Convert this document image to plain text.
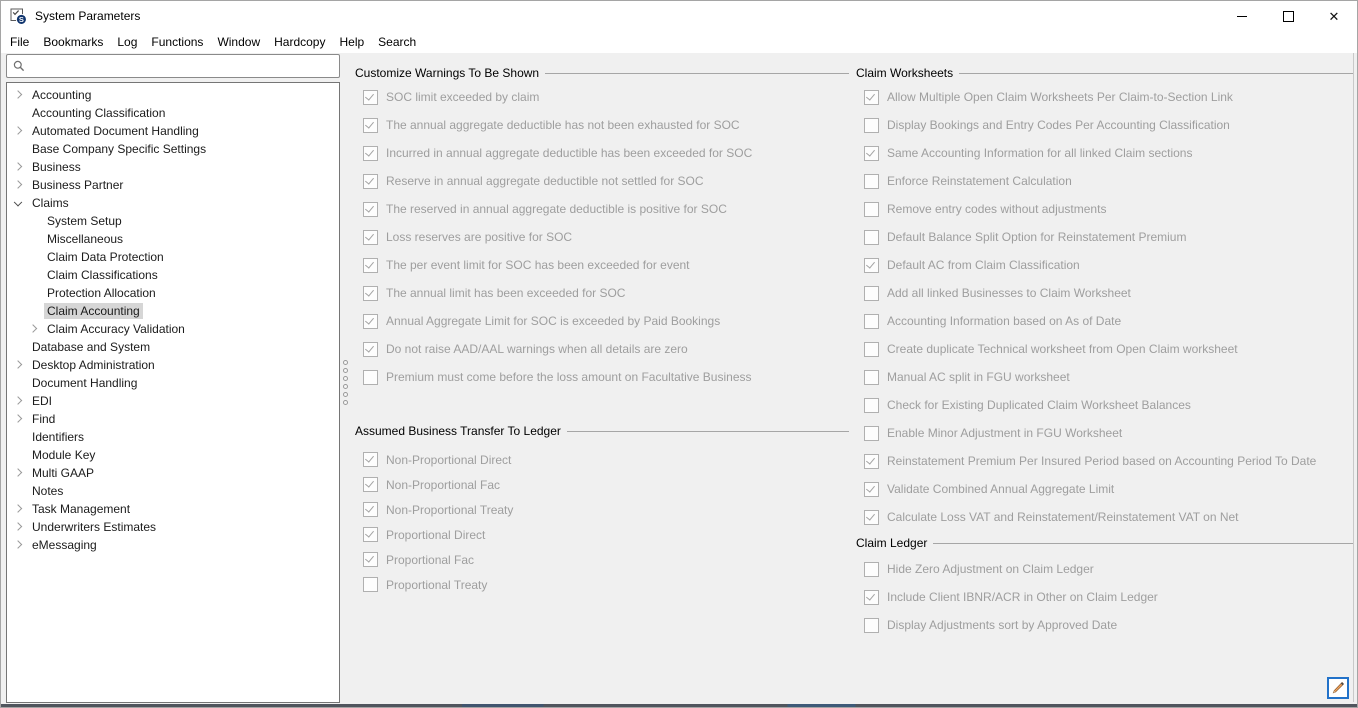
S System Parameters	✕
File	Bookmarks	Log	Functions	Window	Hardcopy	Help	Search
Accounting
Accounting Classification
Automated Document Handling
Base Company Specific Settings
Business
Business Partner
Claims
System Setup
Miscellaneous
Claim Data Protection
Claim Classifications
Protection Allocation
Claim Accounting
Claim Accuracy Validation
Database and System
Desktop Administration
Document Handling
EDI
Find
Identifiers
Module Key
Multi GAAP
Notes
Task Management
Underwriters Estimates
eMessaging
Customize Warnings To Be Shown
SOC limit exceeded by claim
The annual aggregate deductible has not been exhausted for SOC
Incurred in annual aggregate deductible has been exceeded for SOC
Reserve in annual aggregate deductible not settled for SOC
The reserved in annual aggregate deductible is positive for SOC
Loss reserves are positive for SOC
The per event limit for SOC has been exceeded for event
The annual limit has been exceeded for SOC
Annual Aggregate Limit for SOC is exceeded by Paid Bookings
Do not raise AAD/AAL warnings when all details are zero
Premium must come before the loss amount on Facultative Business
Assumed Business Transfer To Ledger
Non-Proportional Direct
Non-Proportional Fac
Non-Proportional Treaty
Proportional Direct
Proportional Fac
Proportional Treaty
Claim Worksheets
Allow Multiple Open Claim Worksheets Per Claim-to-Section Link
Display Bookings and Entry Codes Per Accounting Classification
Same Accounting Information for all linked Claim sections
Enforce Reinstatement Calculation
Remove entry codes without adjustments
Default Balance Split Option for Reinstatement Premium
Default AC from Claim Classification
Add all linked Businesses to Claim Worksheet
Accounting Information based on As of Date
Create duplicate Technical worksheet from Open Claim worksheet
Manual AC split in FGU worksheet
Check for Existing Duplicated Claim Worksheet Balances
Enable Minor Adjustment in FGU Worksheet
Reinstatement Premium Per Insured Period based on Accounting Period To Date
Validate Combined Annual Aggregate Limit
Calculate Loss VAT and Reinstatement/Reinstatement VAT on Net
Claim Ledger
Hide Zero Adjustment on Claim Ledger
Include Client IBNR/ACR in Other on Claim Ledger
Display Adjustments sort by Approved Date
